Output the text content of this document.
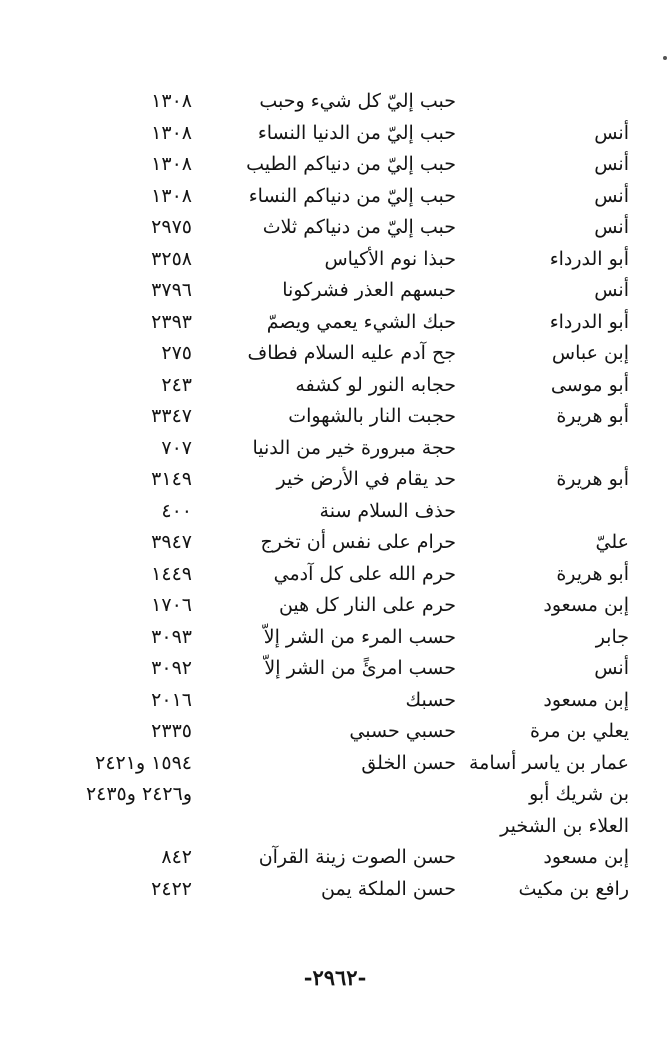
حبب إليّ كل شيء وحبب
١٣٠٨
أنس
حبب إليّ من الدنيا النساء
١٣٠٨
أنس
حبب إليّ من دنياكم الطيب
١٣٠٨
أنس
حبب إليّ من دنياكم النساء
١٣٠٨
أنس
حبب إليّ من دنياكم ثلاث
٢٩٧٥
أبو الدرداء
حبذا نوم الأكياس
٣٢٥٨
أنس
حبسهم العذر فشركونا
٣٧٩٦
أبو الدرداء
حبك الشيء يعمي ويصمّ
٢٣٩٣
إبن عباس
جح آدم عليه السلام فطاف
٢٧٥
أبو موسى
حجابه النور لو كشفه
٢٤٣
أبو هريرة
حجبت النار بالشهوات
٣٣٤٧
حجة مبرورة خير من الدنيا
٧٠٧
أبو هريرة
حد يقام في الأرض خير
٣١٤٩
حذف السلام سنة
٤٠٠
عليّ
حرام على نفس أن تخرج
٣٩٤٧
أبو هريرة
حرم الله على كل آدمي
١٤٤٩
إبن مسعود
حرم على النار كل هين
١٧٠٦
جابر
حسب المرء من الشر إلاّ
٣٠٩٣
أنس
حسب امرئً من الشر إلاّ
٣٠٩٢
إبن مسعود
حسبك
٢٠١٦
يعلي بن مرة
حسبي حسبي
٢٣٣٥
عمار بن ياسر أسامة
حسن الخلق
١٥٩٤ و٢٤٢١
بن شريك أبو
و٢٤٢٦ و٢٤٣٥
العلاء بن الشخير
إبن مسعود
حسن الصوت زينة القرآن
٨٤٢
رافع بن مكيث
حسن الملكة يمن
٢٤٢٢
-٢٩٦٢-
